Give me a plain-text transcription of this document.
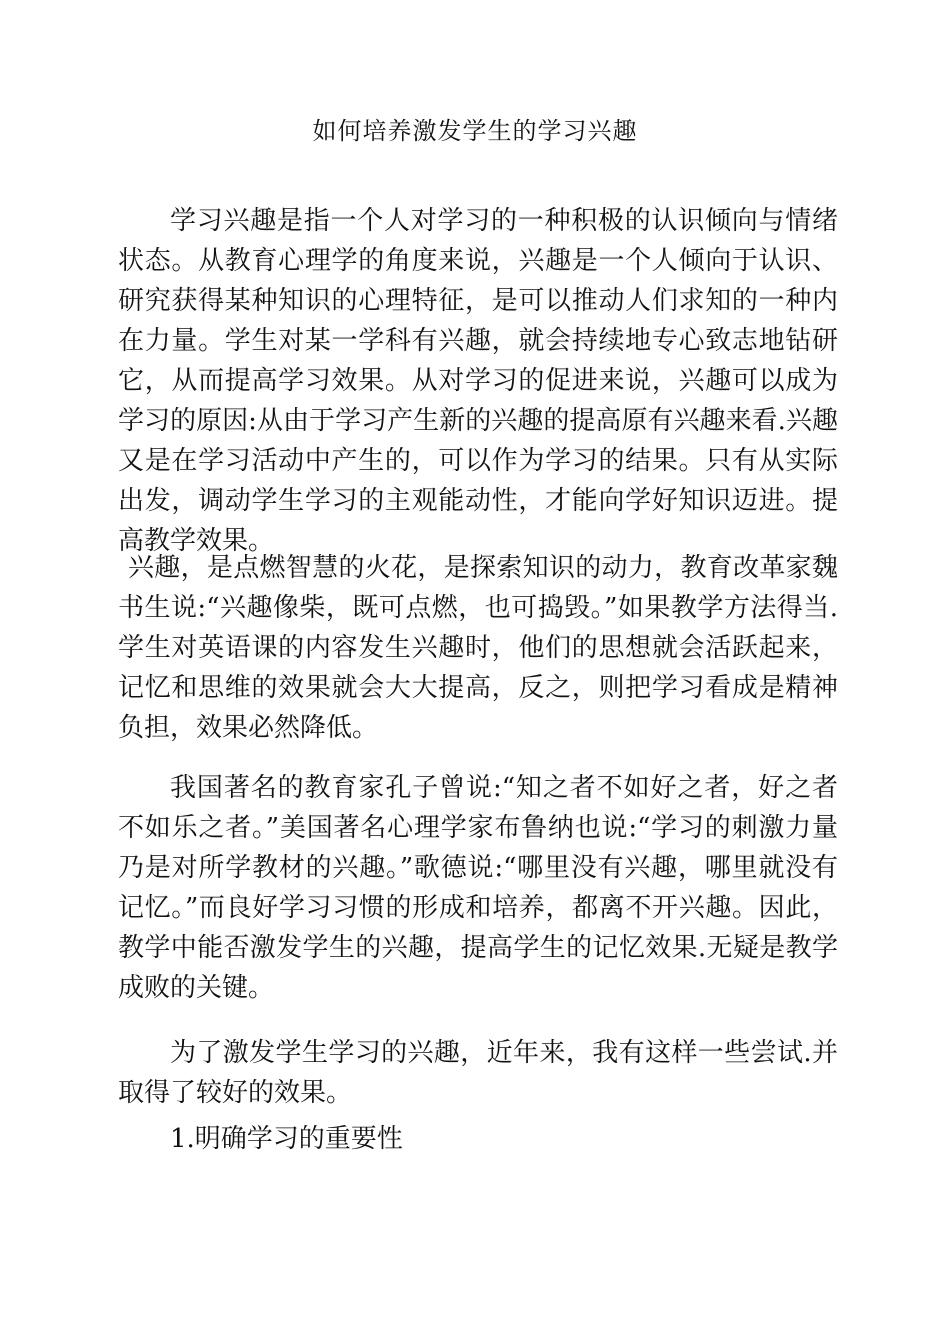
如何培养激发学生的学习兴趣

学习兴趣是指一个人对学习的一种积极的认识倾向与情绪状态。从教育心理学的角度来说，兴趣是一个人倾向于认识、研究获得某种知识的心理特征，是可以推动人们求知的一种内在力量。学生对某一学科有兴趣，就会持续地专心致志地钻研它，从而提高学习效果。从对学习的促进来说，兴趣可以成为学习的原因:从由于学习产生新的兴趣的提高原有兴趣来看.兴趣又是在学习活动中产生的，可以作为学习的结果。只有从实际出发，调动学生学习的主观能动性，才能向学好知识迈进。提高教学效果。

兴趣，是点燃智慧的火花，是探索知识的动力，教育改革家魏书生说:“兴趣像柴，既可点燃，也可捣毁。”如果教学方法得当.学生对英语课的内容发生兴趣时，他们的思想就会活跃起来，记忆和思维的效果就会大大提高，反之，则把学习看成是精神负担，效果必然降低。

我国著名的教育家孔子曾说:“知之者不如好之者，好之者不如乐之者。”美国著名心理学家布鲁纳也说:“学习的刺激力量乃是对所学教材的兴趣。”歌德说:“哪里没有兴趣，哪里就没有记忆。”而良好学习习惯的形成和培养，都离不开兴趣。因此，教学中能否激发学生的兴趣，提高学生的记忆效果.无疑是教学成败的关键。

为了激发学生学习的兴趣，近年来，我有这样一些尝试.并取得了较好的效果。

1.明确学习的重要性
